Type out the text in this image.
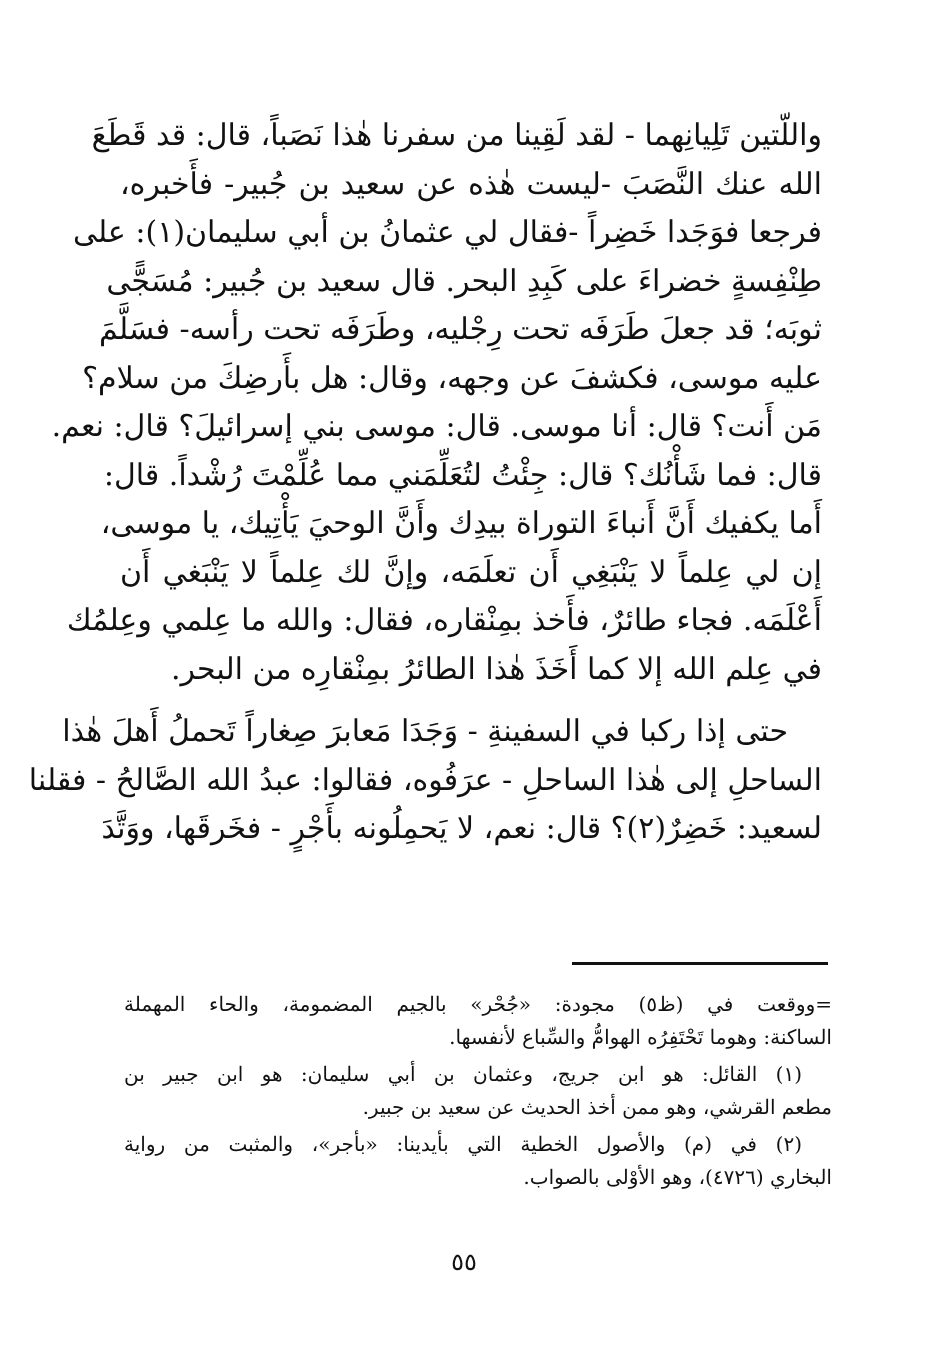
واللّتين تَلِيانِهما - لقد لَقِينا من سفرنا هٰذا نَصَباً، قال: قد قَطَعَ
الله عنك النَّصَبَ -ليست هٰذه عن سعيد بن جُبير- فأَخبره،
فرجعا فوَجَدا خَضِراً -فقال لي عثمانُ بن أبي سليمان(١): على
طِنْفِسةٍ خضراءَ على كَبِدِ البحر. قال سعيد بن جُبير: مُسَجًّى
ثوبَه؛ قد جعلَ طَرَفَه تحت رِجْليه، وطَرَفَه تحت رأسه- فسَلَّمَ
عليه موسى، فكشفَ عن وجهه، وقال: هل بأَرضِكَ من سلام؟
مَن أَنت؟ قال: أنا موسى. قال: موسى بني إسرائيلَ؟ قال: نعم.
قال: فما شَأْنُك؟ قال: جِئْتُ لتُعَلِّمَني مما عُلِّمْتَ رُشْداً. قال:
أَما يكفيك أَنَّ أَنباءَ التوراة بيدِك وأَنَّ الوحيَ يَأْتِيك، يا موسى،
إن لي عِلماً لا يَنْبَغِي أَن تعلَمَه، وإنَّ لك عِلماً لا يَنْبَغي أَن
أَعْلَمَه. فجاء طائرٌ، فأَخذ بمِنْقاره، فقال: والله ما عِلمي وعِلمُك
في عِلم الله إلا كما أَخَذَ هٰذا الطائرُ بمِنْقارِه من البحر.
حتى إذا ركبا في السفينةِ - وَجَدَا مَعابرَ صِغاراً تَحملُ أَهلَ هٰذا
الساحلِ إلى هٰذا الساحلِ - عرَفُوه، فقالوا: عبدُ الله الصَّالحُ - فقلنا
لسعيد: خَضِرٌ(٢)؟ قال: نعم، لا يَحمِلُونه بأَجْرٍ - فخَرقَها، ووَتَّدَ
=ووقعت في (ظ٥) مجودة: «جُحْر» بالجيم المضمومة، والحاء المهملة
الساكنة: وهوما تَحْتَفِرُه الهوامُّ والسِّباع لأنفسها.
(١) القائل: هو ابن جريج، وعثمان بن أبي سليمان: هو ابن جبير بن
مطعم القرشي، وهو ممن أخذ الحديث عن سعيد بن جبير.
(٢) في (م) والأصول الخطية التي بأيدينا: «بأجر»، والمثبت من رواية
البخاري (٤٧٢٦)، وهو الأوْلى بالصواب.
٥٥
